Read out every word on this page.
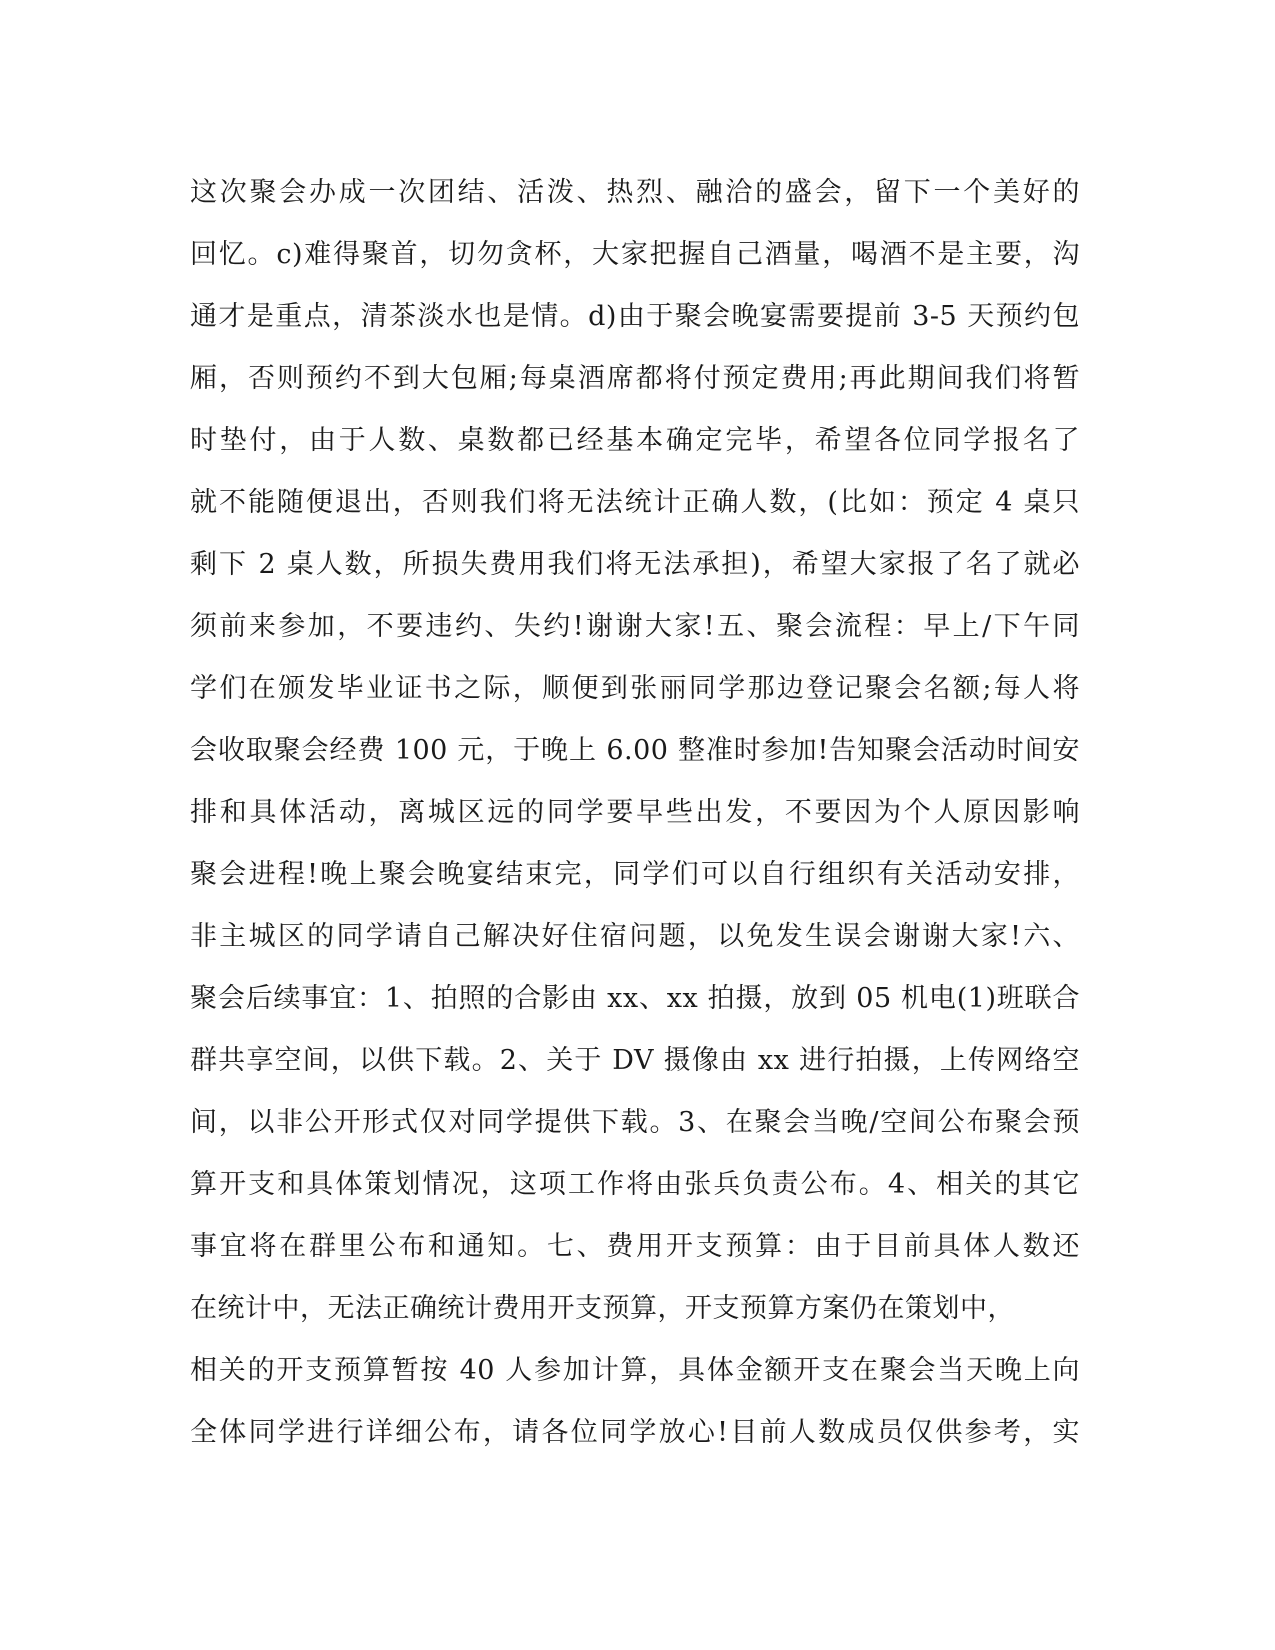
这次聚会办成一次团结、活泼、热烈、融洽的盛会，留下一个美好的
回忆。c)难得聚首，切勿贪杯，大家把握自己酒量，喝酒不是主要，沟
通才是重点，清茶淡水也是情。d)由于聚会晚宴需要提前 3-5 天预约包
厢，否则预约不到大包厢;每桌酒席都将付预定费用;再此期间我们将暂
时垫付，由于人数、桌数都已经基本确定完毕，希望各位同学报名了
就不能随便退出，否则我们将无法统计正确人数，(比如：预定 4 桌只
剩下 2 桌人数，所损失费用我们将无法承担)，希望大家报了名了就必
须前来参加，不要违约、失约!谢谢大家!五、聚会流程：早上/下午同
学们在颁发毕业证书之际，顺便到张丽同学那边登记聚会名额;每人将
会收取聚会经费 100 元，于晚上 6.00 整准时参加!告知聚会活动时间安
排和具体活动，离城区远的同学要早些出发，不要因为个人原因影响
聚会进程!晚上聚会晚宴结束完，同学们可以自行组织有关活动安排，
非主城区的同学请自己解决好住宿问题，以免发生误会谢谢大家!六、
聚会后续事宜：1、拍照的合影由 xx、xx 拍摄，放到 05 机电(1)班联合
群共享空间，以供下载。2、关于 DV 摄像由 xx 进行拍摄，上传网络空
间，以非公开形式仅对同学提供下载。3、在聚会当晚/空间公布聚会预
算开支和具体策划情况，这项工作将由张兵负责公布。4、相关的其它
事宜将在群里公布和通知。七、费用开支预算：由于目前具体人数还
在统计中，无法正确统计费用开支预算，开支预算方案仍在策划中，
相关的开支预算暂按 40 人参加计算，具体金额开支在聚会当天晚上向
全体同学进行详细公布，请各位同学放心!目前人数成员仅供参考，实
